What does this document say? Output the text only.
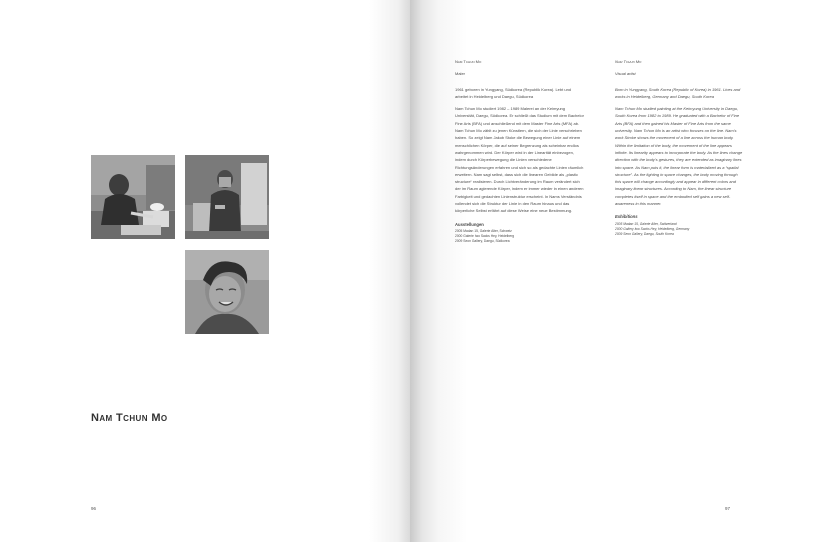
Nam Tchun Mo
96

Nam Tchun Mo

Maler

1961 geboren in Yungyang, Südkorea (Republik Korea). Lebt und arbeitet in Heidelberg und Daegu, Südkorea

Nam Tchun Mo studiert 1982 – 1989 Malerei an der Keimyung Universität, Daegu, Südkorea. Er schließt das Studium mit dem Bachelor Fine Arts (BFA) und anschließend mit dem Master Fine Arts (MFA) ab. Nam Tchun Mo zählt zu jenen Künstlern, die sich der Linie verschrieben haben. So zeigt Nam Jakob Stoke die Bewegung einer Linie auf einem menschlichen Körper, die auf seiner Begrenzung als scheinbar endlos wahrgenommen wird. Der Körper wird in der Linearität einbezogen, indem durch Körperbewegung die Linien verschiedene Richtungsänderungen erfahren und sich so als gedachte Linien räumlich erweitern. Nam sagt selbst, dass sich die linearen Gebilde als „plastic structure“ realisieren. Durch Lichtveränderung im Raum verändert sich der im Raum agierende Körper, indem er immer wieder in einen anderen Farbigkeit und gedachten Linienstruktur erscheint. In Nams Verständnis vollendet sich die Struktur der Linie in den Raum hinaus und das körperliche Selbst erfährt auf diese Weise eine neue Bestimmung.

Ausstellungen

2005 Madan 15, Galerie Alter, Schweiz

2000 Galerie Iwo Sacks Hey, Heidelberg

2009 Seon Gallery, Daegu, Südkorea

Nam Tchun Mo

Visual artist

Born in Yungyang, South Korea (Republic of Korea) in 1961. Lives and works in Heidelberg, Germany and Daegu, South Korea

Nam Tchun Mo studied painting at the Keimyung University in Daegu, South Korea from 1982 to 1989. He graduated with a Bachelor of Fine Arts (BFA) and then gained his Master of Fine Arts from the same university. Nam Tchun Mo is an artist who focuses on the line. Nam’s work Stroke shows the movement of a line across the human body. Within the limitation of the body, the movement of the line appears infinite. Its linearity appears to incorporate the body. As the lines change direction with the body’s gestures, they are extended as imaginary lines into space. As Nam puts it, the linear form is materialized as a “spatial structure”. As the lighting in space changes, the body moving through this space will change accordingly and appear in different colors and imaginary linear structures. According to Nam, the linear structure completes itself in space and the embodied self gains a new self-awareness in this manner.

Exhibitions

2005 Madan 15, Galerie Alter, Switzerland

2000 Gallery Iwo Sacks Hey, Heidelberg, Germany

2009 Seon Gallery, Daegu, South Korea

97
